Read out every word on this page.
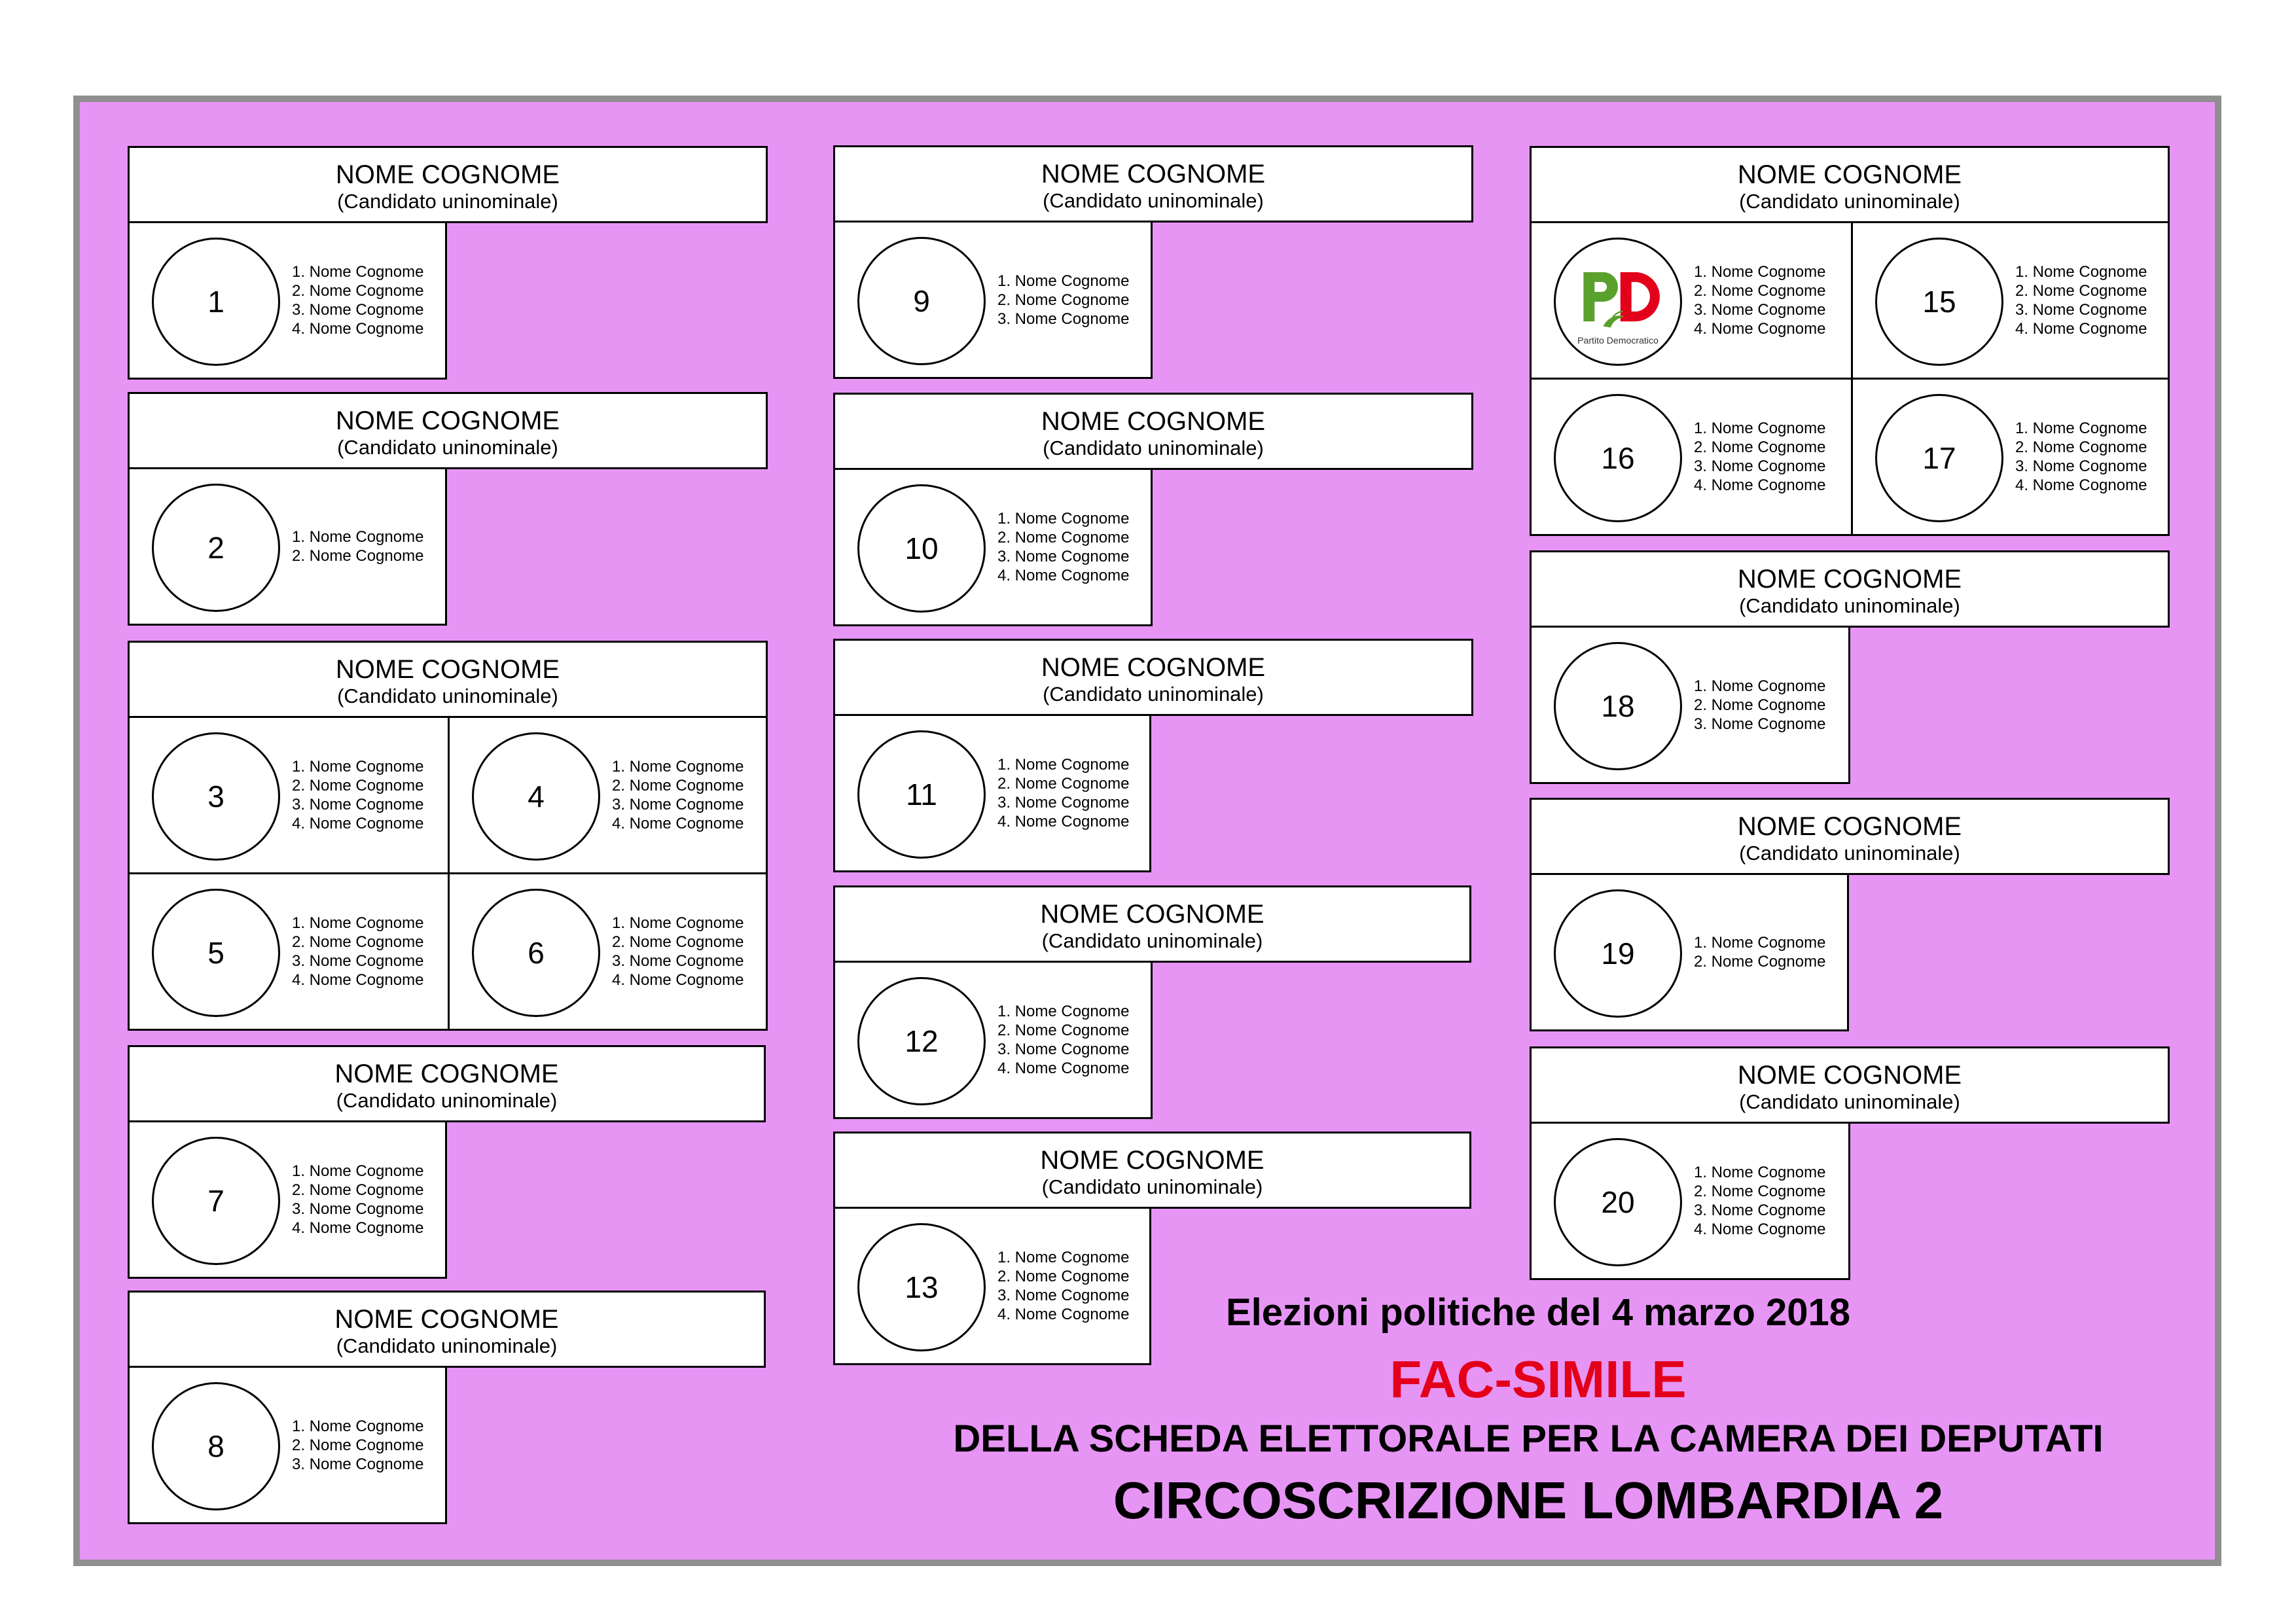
NOME COGNOME
(Candidato uninominale)
1
1. Nome Cognome
2. Nome Cognome
3. Nome Cognome
4. Nome Cognome
NOME COGNOME
(Candidato uninominale)
2	1. Nome Cognome
2. Nome Cognome
NOME COGNOME
(Candidato uninominale)
3
1. Nome Cognome
2. Nome Cognome
3. Nome Cognome
4. Nome Cognome
4
1. Nome Cognome
2. Nome Cognome
3. Nome Cognome
4. Nome Cognome
5
1. Nome Cognome
2. Nome Cognome
3. Nome Cognome
4. Nome Cognome
6
1. Nome Cognome
2. Nome Cognome
3. Nome Cognome
4. Nome Cognome
NOME COGNOME
(Candidato uninominale)
7
1. Nome Cognome
2. Nome Cognome
3. Nome Cognome
4. Nome Cognome
NOME COGNOME
(Candidato uninominale)
8
1. Nome Cognome
2. Nome Cognome
3. Nome Cognome
NOME COGNOME
(Candidato uninominale)
9
1. Nome Cognome
2. Nome Cognome
3. Nome Cognome
NOME COGNOME
(Candidato uninominale)
10
1. Nome Cognome
2. Nome Cognome
3. Nome Cognome
4. Nome Cognome
NOME COGNOME
(Candidato uninominale)
11
1. Nome Cognome
2. Nome Cognome
3. Nome Cognome
4. Nome Cognome
NOME COGNOME
(Candidato uninominale)
12
1. Nome Cognome
2. Nome Cognome
3. Nome Cognome
4. Nome Cognome
NOME COGNOME
(Candidato uninominale)
13
1. Nome Cognome
2. Nome Cognome
3. Nome Cognome
4. Nome Cognome
NOME COGNOME
(Candidato uninominale)
Partito Democratico
1. Nome Cognome
2. Nome Cognome
3. Nome Cognome
4. Nome Cognome
15
1. Nome Cognome
2. Nome Cognome
3. Nome Cognome
4. Nome Cognome
16
1. Nome Cognome
2. Nome Cognome
3. Nome Cognome
4. Nome Cognome
17
1. Nome Cognome
2. Nome Cognome
3. Nome Cognome
4. Nome Cognome
NOME COGNOME
(Candidato uninominale)
18
1. Nome Cognome
2. Nome Cognome
3. Nome Cognome
NOME COGNOME
(Candidato uninominale)
19	1. Nome Cognome
2. Nome Cognome
NOME COGNOME
(Candidato uninominale)
20
1. Nome Cognome
2. Nome Cognome
3. Nome Cognome
4. Nome Cognome
Elezioni politiche del 4 marzo 2018
FAC-SIMILE
DELLA SCHEDA ELETTORALE PER LA CAMERA DEI DEPUTATI
CIRCOSCRIZIONE LOMBARDIA 2
